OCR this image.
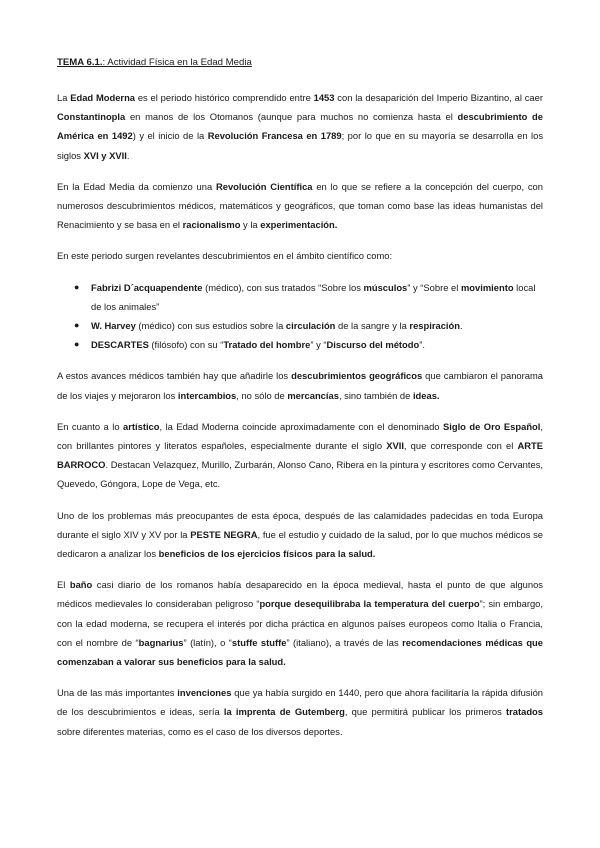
TEMA 6.1.: Actividad Física en la Edad Media

La Edad Moderna es el periodo histórico comprendido entre 1453 con la desaparición del Imperio Bizantino, al caer Constantinopla en manos de los Otomanos (aunque para muchos no comienza hasta el descubrimiento de América en 1492) y el inicio de la Revolución Francesa en 1789; por lo que en su mayoría se desarrolla en los siglos XVI y XVII.

En la Edad Media da comienzo una Revolución Científica en lo que se refiere a la concepción del cuerpo, con numerosos descubrimientos médicos, matemáticos y geográficos, que toman como base las ideas humanistas del Renacimiento y se basa en el racionalismo y la experimentación.

En este periodo surgen revelantes descubrimientos en el ámbito científico como:

● Fabrizi D´acquapendente (médico), con sus tratados “Sobre los músculos” y “Sobre el movimiento local de los animales”
● W. Harvey (médico) con sus estudios sobre la circulación de la sangre y la respiración.
● DESCARTES (filósofo) con su “Tratado del hombre” y “Discurso del método”.

A estos avances médicos también hay que añadirle los descubrimientos geográficos que cambiaron el panorama de los viajes y mejoraron los intercambios, no sólo de mercancías, sino también de ideas.

En cuanto a lo artístico, la Edad Moderna coincide aproximadamente con el denominado Siglo de Oro Español, con brillantes pintores y literatos españoles, especialmente durante el siglo XVII, que corresponde con el ARTE BARROCO. Destacan Velazquez, Murillo, Zurbarán, Alonso Cano, Ribera en la pintura y escritores como Cervantes, Quevedo, Góngora, Lope de Vega, etc.

Uno de los problemas más preocupantes de esta época, después de las calamidades padecidas en toda Europa durante el siglo XIV y XV por la PESTE NEGRA, fue el estudio y cuidado de la salud, por lo que muchos médicos se dedicaron a analizar los beneficios de los ejercicios físicos para la salud.

El baño casi diario de los romanos había desaparecido en la época medieval, hasta el punto de que algunos médicos medievales lo consideraban peligroso “porque desequilibraba la temperatura del cuerpo”; sin embargo, con la edad moderna, se recupera el interés por dicha práctica en algunos países europeos como Italia o Francia, con el nombre de “bagnarius” (latín), o “stuffe stuffe” (italiano), a través de las recomendaciones médicas que comenzaban a valorar sus beneficios para la salud.

Una de las más importantes invenciones que ya había surgido en 1440, pero que ahora facilitaría la rápida difusión de los descubrimientos e ideas, sería la imprenta de Gutemberg, que permitirá publicar los primeros tratados sobre diferentes materias, como es el caso de los diversos deportes.
